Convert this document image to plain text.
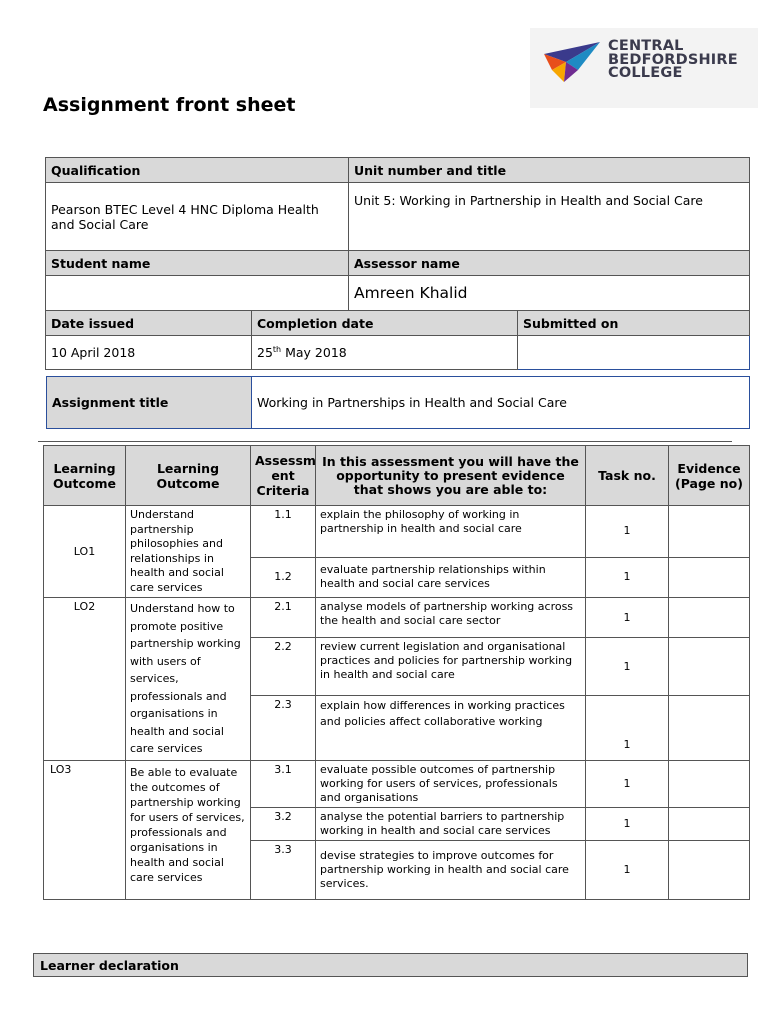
CENTRAL
BEDFORDSHIRE
COLLEGE
Assignment front sheet
Qualification	Unit number and title
Pearson BTEC Level 4 HNC Diploma Health and Social Care	Unit 5: Working in Partnership in Health and Social Care
Student name	Assessor name
	Amreen Khalid
Date issued	Completion date	Submitted on
10 April 2018	25th May 2018	
Assignment title	Working in Partnerships in Health and Social Care
Learning Outcome	Learning Outcome	Assessm ent Criteria	In this assessment you will have the opportunity to present evidence that shows you are able to:	Task no.	Evidence (Page no)
LO1	Understand partnership philosophies and relationships in health and social care services	1.1	explain the philosophy of working in partnership in health and social care	1	
		1.2	evaluate partnership relationships within health and social care services	1	
LO2	Understand how to promote positive partnership working with users of services, professionals and organisations in health and social care services	2.1	analyse models of partnership working across the health and social care sector	1	
		2.2	review current legislation and organisational practices and policies for partnership working in health and social care	1	
		2.3	explain how differences in working practices and policies affect collaborative working	1	
LO3	Be able to evaluate the outcomes of partnership working for users of services, professionals and organisations in health and social care services	3.1	evaluate possible outcomes of partnership working for users of services, professionals and organisations	1	
		3.2	analyse the potential barriers to partnership working in health and social care services	1	
		3.3	devise strategies to improve outcomes for partnership working in health and social care services.	1	
Learner declaration
